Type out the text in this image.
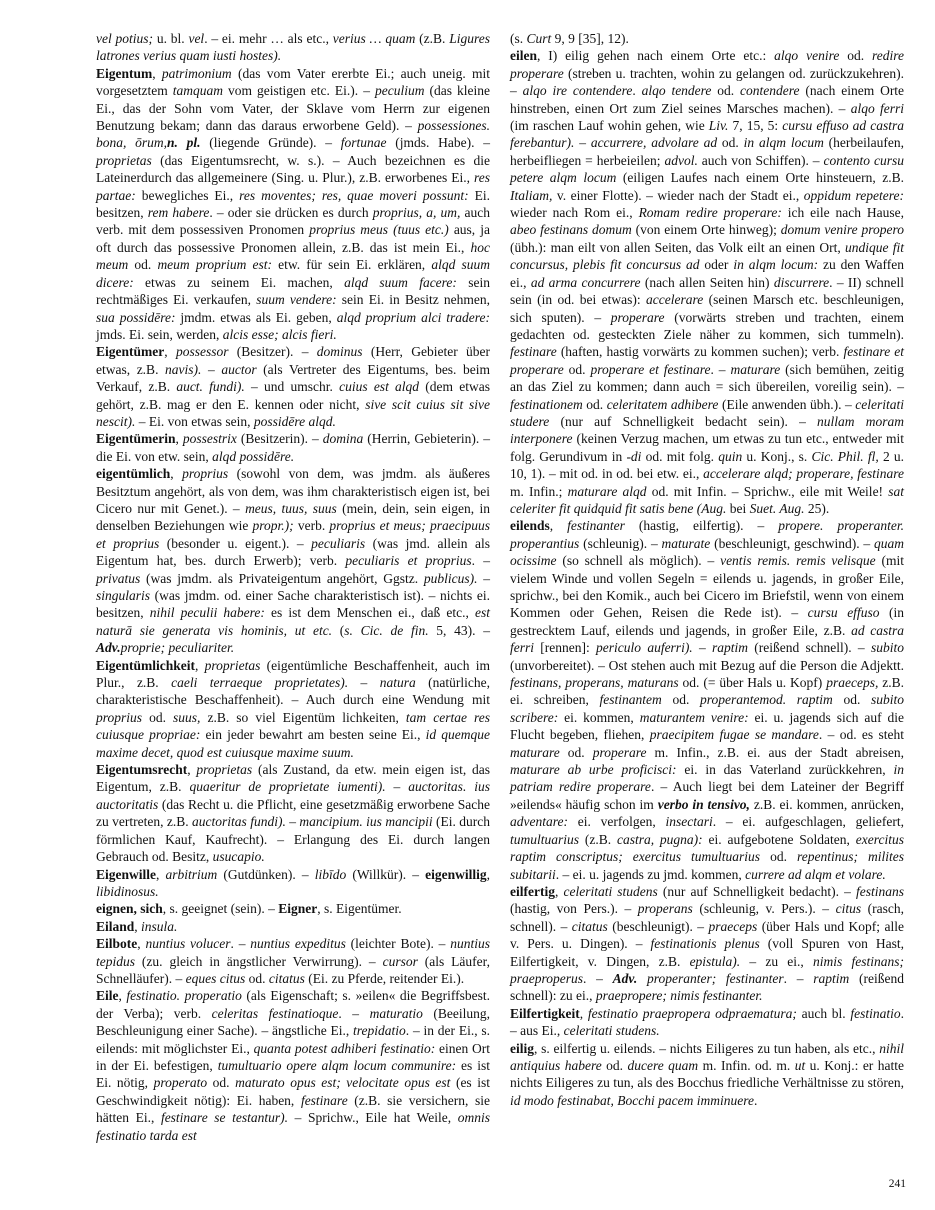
vel potius; u. bl. vel. – ei. mehr … als etc., verius … quam (z.B. Ligures latrones verius quam iusti hostes).

Eigentum, patrimonium (das vom Vater ererbte Ei.; auch uneig. mit vorgesetztem tamquam vom geistigen etc. Ei.). – peculium (das kleine Ei., das der Sohn vom Vater, der Sklave vom Herrn zur eigenen Benutzung bekam; dann das daraus erworbene Geld). – possessiones. bona, ōrum,n. pl. (liegende Gründe). – fortunae (jmds. Habe). – proprietas (das Eigentumsrecht, w. s.). – Auch bezeichnen es die Lateinerdurch das allgemeinere (Sing. u. Plur.), z.B. erworbenes Ei., res partae: bewegliches Ei., res moventes; res, quae moveri possunt: Ei. besitzen, rem habere. – oder sie drücken es durch proprius, a, um, auch verb. mit dem possessiven Pronomen proprius meus (tuus etc.) aus, ja oft durch das possessive Pronomen allein, z.B. das ist mein Ei., hoc meum od. meum proprium est: etw. für sein Ei. erklären, alqd suum dicere: etwas zu seinem Ei. machen, alqd suum facere: sein rechtmäßiges Ei. verkaufen, suum vendere: sein Ei. in Besitz nehmen, sua possidēre: jmdm. etwas als Ei. geben, alqd proprium alci tradere: jmds. Ei. sein, werden, alcis esse; alcis fieri.

Eigentümer, possessor (Besitzer). – dominus (Herr, Gebieter über etwas, z.B. navis). – auctor (als Vertreter des Eigentums, bes. beim Verkauf, z.B. auct. fundi). – und umschr. cuius est alqd (dem etwas gehört, z.B. mag er den E. kennen oder nicht, sive scit cuius sit sive nescit). – Ei. von etwas sein, possidēre alqd.

Eigentümerin, possestrix (Besitzerin). – domina (Herrin, Gebieterin). – die Ei. von etw. sein, alqd possidēre.

eigentümlich, proprius (sowohl von dem, was jmdm. als äußeres Besitztum angehört, als von dem, was ihm charakteristisch eigen ist, bei Cicero nur mit Genet.). – meus, tuus, suus (mein, dein, sein eigen, in denselben Beziehungen wie propr.); verb. proprius et meus; praecipuus et proprius (besonder u. eigent.). – peculiaris (was jmd. allein als Eigentum hat, bes. durch Erwerb); verb. peculiaris et proprius. – privatus (was jmdm. als Privateigentum angehört, Ggstz. publicus). – singularis (was jmdm. od. einer Sache charakteristisch ist). – nichts ei. besitzen, nihil peculii habere: es ist dem Menschen ei., daß etc., est naturā sie generata vis hominis, ut etc. (s. Cic. de fin. 5, 43). – Adv.proprie; peculiariter.

Eigentümlichkeit, proprietas (eigentümliche Beschaffenheit, auch im Plur., z.B. caeli terraeque proprietates). – natura (natürliche, charakteristische Beschaffenheit). – Auch durch eine Wendung mit proprius od. suus, z.B. so viel Eigentüm lichkeiten, tam certae res cuiusque propriae: ein jeder bewahrt am besten seine Ei., id quemque maxime decet, quod est cuiusque maxime suum.

Eigentumsrecht, proprietas (als Zustand, da etw. mein eigen ist, das Eigentum, z.B. quaeritur de proprietate iumenti). – auctoritas. ius auctoritatis (das Recht u. die Pflicht, eine gesetzmäßig erworbene Sache zu vertreten, z.B. auctoritas fundi). – mancipium. ius mancipii (Ei. durch förmlichen Kauf, Kaufrecht). – Erlangung des Ei. durch langen Gebrauch od. Besitz, usucapio.

Eigenwille, arbitrium (Gutdünken). – libīdo (Willkür). – eigenwillig, libidinosus.

eignen, sich, s. geeignet (sein). – Eigner, s. Eigentümer.

Eiland, insula.

Eilbote, nuntius volucer. – nuntius expeditus (leichter Bote). – nuntius tepidus (zu. gleich in ängstlicher Verwirrung). – cursor (als Läufer, Schnelläufer). – eques citus od. citatus (Ei. zu Pferde, reitender Ei.).

Eile, festinatio. properatio (als Eigenschaft; s. »eilen« die Begriffsbest. der Verba); verb. celeritas festinatioque. – maturatio (Beeilung, Beschleunigung einer Sache). – ängstliche Ei., trepidatio. – in der Ei., s. eilends: mit möglichster Ei., quanta potest adhiberi festinatio: einen Ort in der Ei. befestigen, tumultuario opere alqm locum communire: es ist Ei. nötig, properato od. maturato opus est; velocitate opus est (es ist Geschwindigkeit nötig): Ei. haben, festinare (z.B. sie versichern, sie hätten Ei., festinare se testantur). – Sprichw., Eile hat Weile, omnis festinatio tarda est

(s. Curt 9, 9 [35], 12).

eilen, I) eilig gehen nach einem Orte etc.: alqo venire od. redire properare (streben u. trachten, wohin zu gelangen od. zurückzukehren). – alqo ire contendere. alqo tendere od. contendere (nach einem Orte hinstreben, einen Ort zum Ziel seines Marsches machen). – alqo ferri (im raschen Lauf wohin gehen, wie Liv. 7, 15, 5: cursu effuso ad castra ferebantur). – accurrere, advolare ad od. in alqm locum (herbeilaufen, herbeifliegen = herbeieilen; advol. auch von Schiffen). – contento cursu petere alqm locum (eiligen Laufes nach einem Orte hinsteuern, z.B. Italiam, v. einer Flotte). – wieder nach der Stadt ei., oppidum repetere: wieder nach Rom ei., Romam redire properare: ich eile nach Hause, abeo festinans domum (von einem Orte hinweg); domum venire propero (übh.): man eilt von allen Seiten, das Volk eilt an einen Ort, undique fit concursus, plebis fit concursus ad oder in alqm locum: zu den Waffen ei., ad arma concurrere (nach allen Seiten hin) discurrere. – II) schnell sein (in od. bei etwas): accelerare (seinen Marsch etc. beschleunigen, sich sputen). – properare (vorwärts streben und trachten, einem gedachten od. gesteckten Ziele näher zu kommen, sich tummeln). festinare (haften, hastig vorwärts zu kommen suchen); verb. festinare et properare od. properare et festinare. – maturare (sich bemühen, zeitig an das Ziel zu kommen; dann auch = sich übereilen, voreilig sein). – festinationem od. celeritatem adhibere (Eile anwenden übh.). – celeritati studere (nur auf Schnelligkeit bedacht sein). – nullam moram interponere (keinen Verzug machen, um etwas zu tun etc., entweder mit folg. Gerundivum in -di od. mit folg. quin u. Konj., s. Cic. Phil. fl, 2 u. 10, 1). – mit od. in od. bei etw. ei., accelerare alqd; properare, festinare m. Infin.; maturare alqd od. mit Infin. – Sprichw., eile mit Weile! sat celeriter fit quidquid fit satis bene (Aug. bei Suet. Aug. 25).

eilends, festinanter (hastig, eilfertig). – propere. properanter. properantius (schleunig). – maturate (beschleunigt, geschwind). – quam ocissime (so schnell als möglich). – ventis remis. remis velisque (mit vielem Winde und vollen Segeln = eilends u. jagends, in großer Eile, sprichw., bei den Komik., auch bei Cicero im Briefstil, wenn von einem Kommen oder Gehen, Reisen die Rede ist). – cursu effuso (in gestrecktem Lauf, eilends und jagends, in großer Eile, z.B. ad castra ferri [rennen]: periculo auferri). – raptim (reißend schnell). – subito (unvorbereitet). – Ost stehen auch mit Bezug auf die Person die Adjektt. festinans, properans, maturans od. (= über Hals u. Kopf) praeceps, z.B. ei. schreiben, festinantem od. properantemod. raptim od. subito scribere: ei. kommen, maturantem venire: ei. u. jagends sich auf die Flucht begeben, fliehen, praecipitem fugae se mandare. – od. es steht maturare od. properare m. Infin., z.B. ei. aus der Stadt abreisen, maturare ab urbe proficisci: ei. in das Vaterland zurückkehren, in patriam redire properare. – Auch liegt bei dem Lateiner der Begriff »eilends« häufig schon im verbo in tensivo, z.B. ei. kommen, anrücken, adventare: ei. verfolgen, insectari. – ei. aufgeschlagen, geliefert, tumultuarius (z.B. castra, pugna): ei. aufgebotene Soldaten, exercitus raptim conscriptus; exercitus tumultuarius od. repentinus; milites subitarii. – ei. u. jagends zu jmd. kommen, currere ad alqm et volare.

eilfertig, celeritati studens (nur auf Schnelligkeit bedacht). – festinans (hastig, von Pers.). – properans (schleunig, v. Pers.). – citus (rasch, schnell). – citatus (beschleunigt). – praeceps (über Hals und Kopf; alle v. Pers. u. Dingen). – festinationis plenus (voll Spuren von Hast, Eilfertigkeit, v. Dingen, z.B. epistula). – zu ei., nimis festinans; praeproperus. – Adv. properanter; festinanter. – raptim (reißend schnell): zu ei., praepropere; nimis festinanter.

Eilfertigkeit, festinatio praepropera odpraematura; auch bl. festinatio. – aus Ei., celeritati studens.

eilig, s. eilfertig u. eilends. – nichts Eiligeres zu tun haben, als etc., nihil antiquius habere od. ducere quam m. Infin. od. m. ut u. Konj.: er hatte nichts Eiligeres zu tun, als des Bocchus friedliche Verhältnisse zu stören, id modo festinabat, Bocchi pacem imminuere.

241
